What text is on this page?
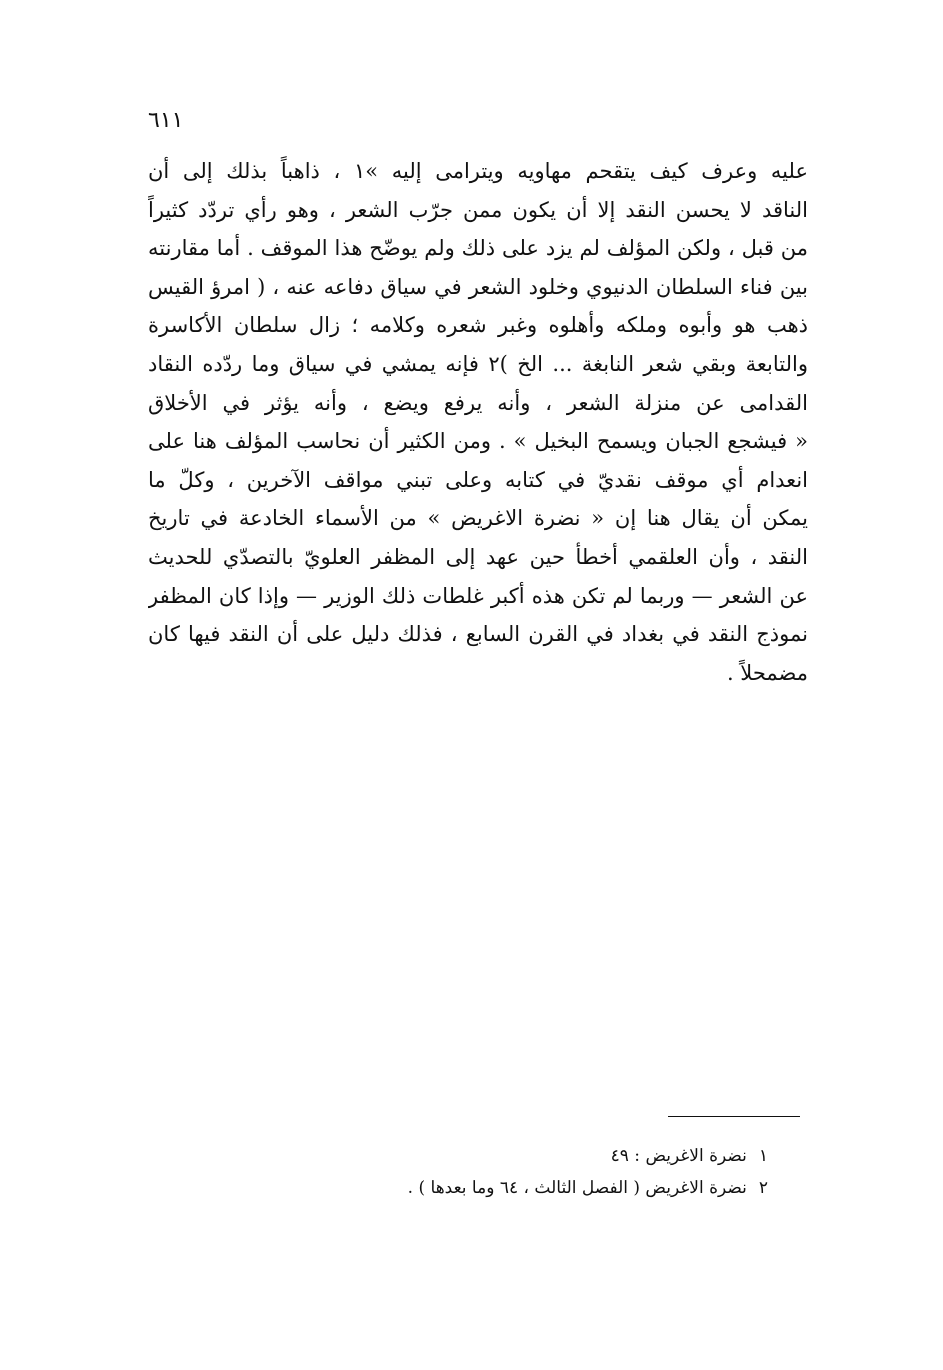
٦١١
عليه وعرف كيف يتقحم مهاويه ويترامى إليه »١ ، ذاهباً بذلك إلى أن
الناقد لا يحسن النقد إلا أن يكون ممن جرّب الشعر ، وهو رأي تردّد كثيراً
من قبل ، ولكن المؤلف لم يزد على ذلك ولم يوضّح هذا الموقف . أما مقارنته
بين فناء السلطان الدنيوي وخلود الشعر في سياق دفاعه عنه ، ( امرؤ القيس
ذهب هو وأبوه وملكه وأهلوه وغبر شعره وكلامه ؛ زال سلطان الأكاسرة
والتابعة وبقي شعر النابغة ... الخ )٢ فإنه يمشي في سياق وما ردّده النقاد
القدامى عن منزلة الشعر ، وأنه يرفع ويضع ، وأنه يؤثر في الأخلاق
« فيشجع الجبان ويسمح البخيل » . ومن الكثير أن نحاسب المؤلف هنا على
انعدام أي موقف نقديّ في كتابه وعلى تبني مواقف الآخرين ، وكلّ ما
يمكن أن يقال هنا إن « نضرة الاغريض » من الأسماء الخادعة في تاريخ
النقد ، وأن العلقمي أخطأ حين عهد إلى المظفر العلويّ بالتصدّي للحديث
عن الشعر — وربما لم تكن هذه أكبر غلطات ذلك الوزير — وإذا كان المظفر
نموذج النقد في بغداد في القرن السابع ، فذلك دليل على أن النقد فيها كان
مضمحلاً .
١نضرة الاغريض : ٤٩
٢نضرة الاغريض ( الفصل الثالث ، ٦٤ وما بعدها ) .
